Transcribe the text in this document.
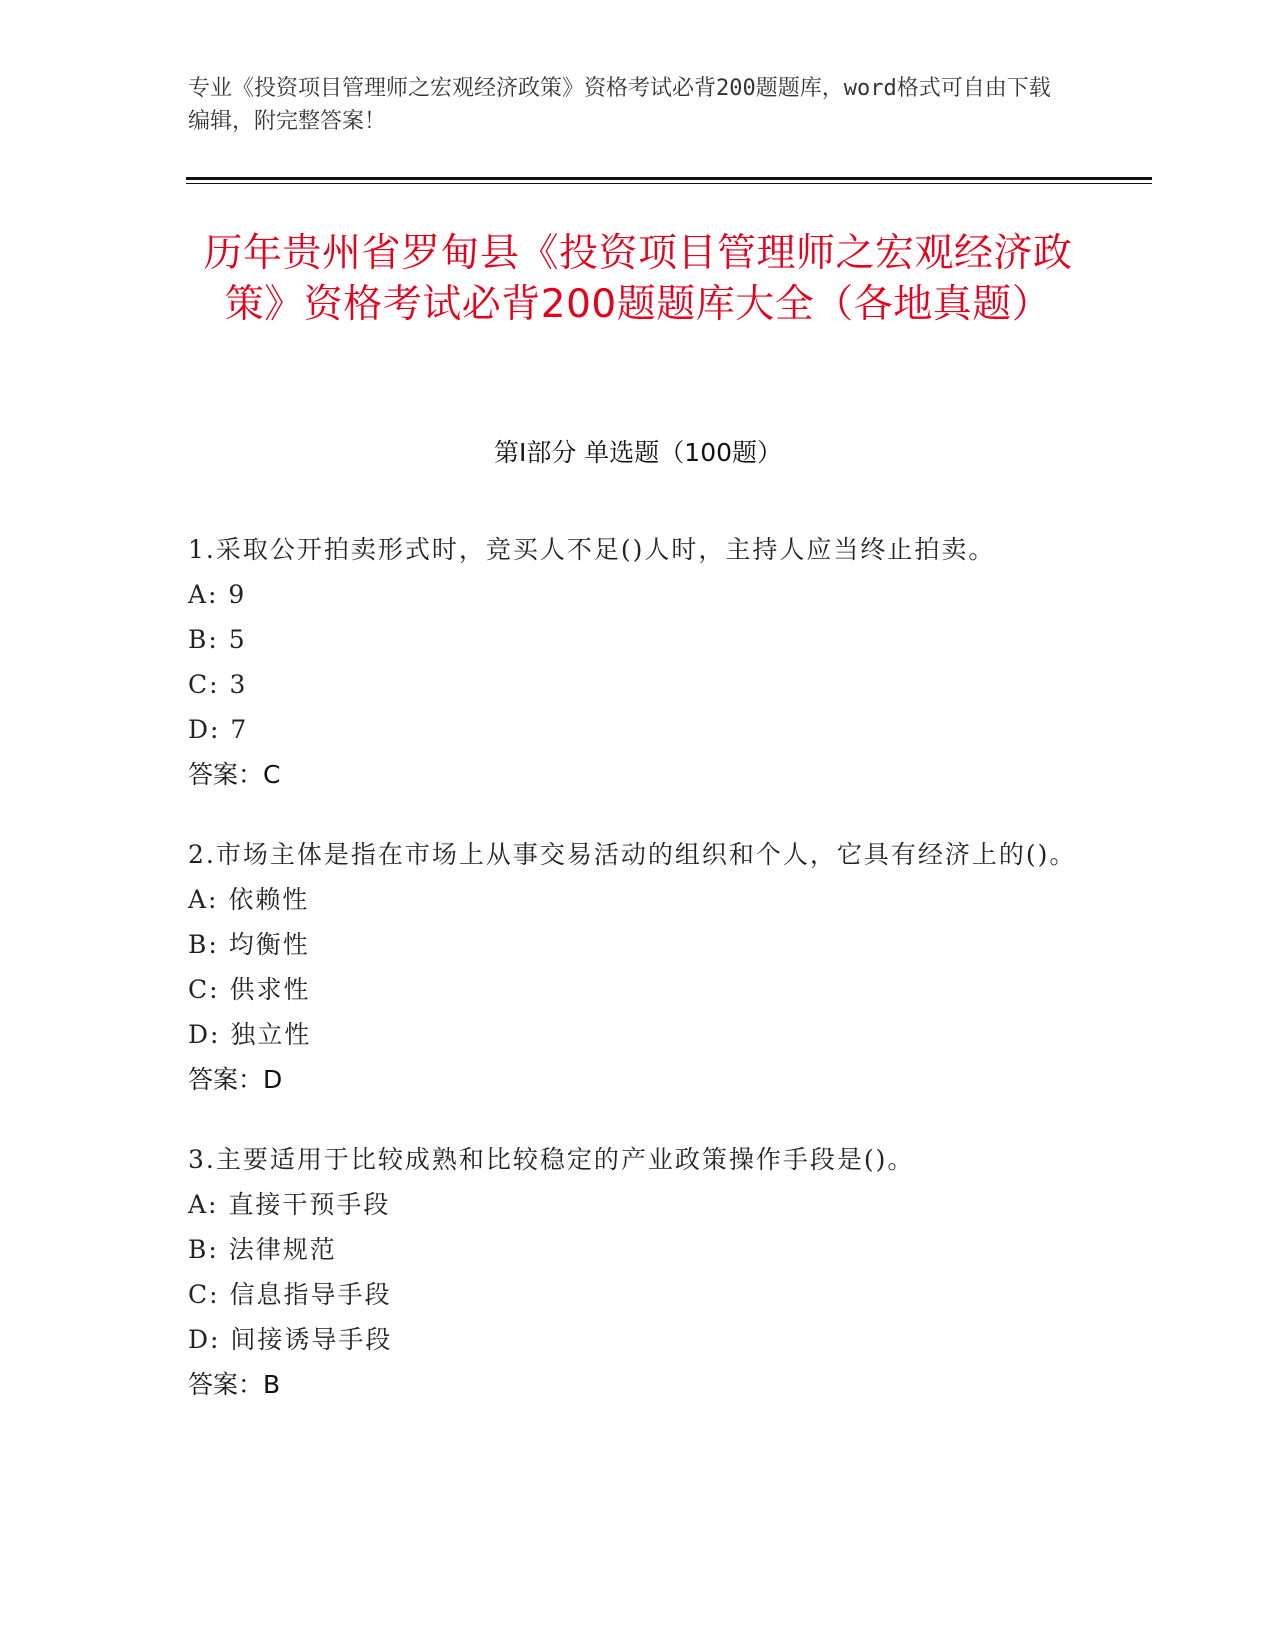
专业《投资项目管理师之宏观经济政策》资格考试必背200题题库，word格式可自由下载编辑，附完整答案！
历年贵州省罗甸县《投资项目管理师之宏观经济政策》资格考试必背200题题库大全（各地真题）
第I部分 单选题（100题）

1.采取公开拍卖形式时，竞买人不足()人时，主持人应当终止拍卖。

A: 9

B: 5

C: 3

D: 7

答案：C

2.市场主体是指在市场上从事交易活动的组织和个人，它具有经济上的()。

A: 依赖性

B: 均衡性

C: 供求性

D: 独立性

答案：D

3.主要适用于比较成熟和比较稳定的产业政策操作手段是()。

A: 直接干预手段

B: 法律规范

C: 信息指导手段

D: 间接诱导手段

答案：B
